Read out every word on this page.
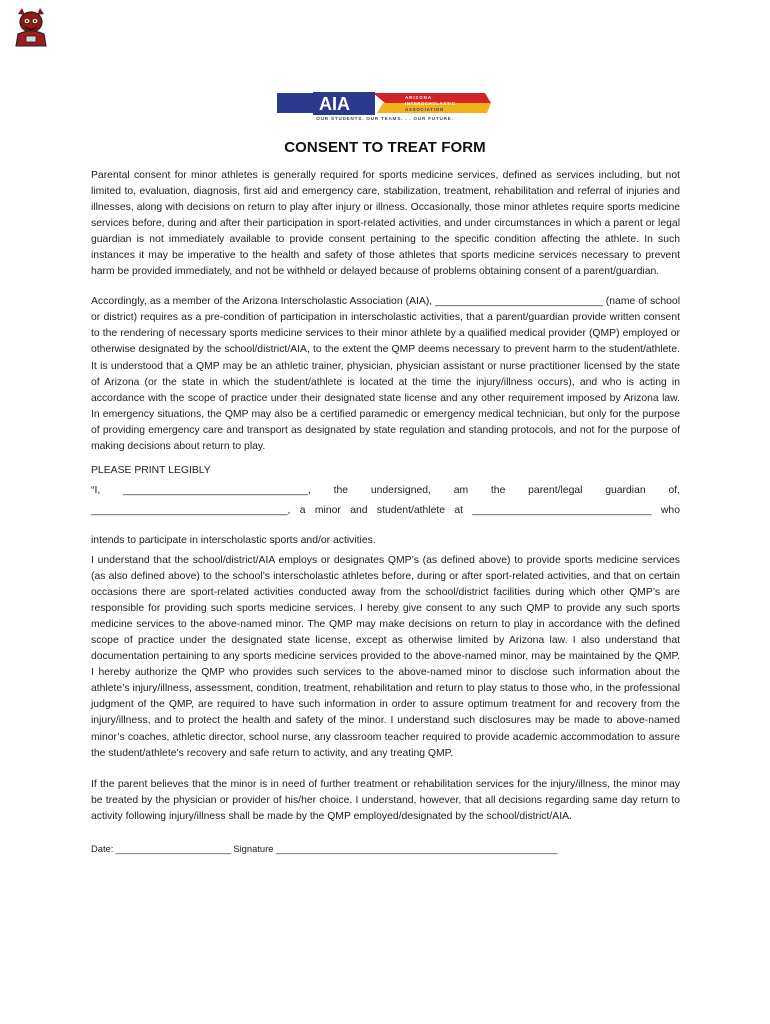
AIA	ARIZONA
INTERSCHOLASTIC
ASSOCIATION
OUR STUDENTS. OUR TEAMS. . . OUR FUTURE.
CONSENT TO TREAT FORM

Parental consent for minor athletes is generally required for sports medicine services, defined as services including, but not limited to, evaluation, diagnosis, first aid and emergency care, stabilization, treatment, rehabilitation and referral of injuries and illnesses, along with decisions on return to play after injury or illness. Occasionally, those minor athletes require sports medicine services before, during and after their participation in sport-related activities, and under circumstances in which a parent or legal guardian is not immediately available to provide consent pertaining to the specific condition affecting the athlete. In such instances it may be imperative to the health and safety of those athletes that sports medicine services necessary to prevent harm be provided immediately, and not be withheld or delayed because of problems obtaining consent of a parent/guardian.

Accordingly, as a member of the Arizona Interscholastic Association (AIA), _____________________________ (name of school or district) requires as a pre-condition of participation in interscholastic activities, that a parent/guardian provide written consent to the rendering of necessary sports medicine services to their minor athlete by a qualified medical provider (QMP) employed or otherwise designated by the school/district/AIA, to the extent the QMP deems necessary to prevent harm to the student/athlete. It is understood that a QMP may be an athletic trainer, physician, physician assistant or nurse practitioner licensed by the state of Arizona (or the state in which the student/athlete is located at the time the injury/illness occurs), and who is acting in accordance with the scope of practice under their designated state license and any other requirement imposed by Arizona law. In emergency situations, the QMP may also be a certified paramedic or emergency medical technician, but only for the purpose of providing emergency care and transport as designated by state regulation and standing protocols, and not for the purpose of making decisions about return to play.

PLEASE PRINT LEGIBLY

“I, ________________________________, the undersigned, am the parent/legal guardian of,

__________________________________, a minor and student/athlete at _______________________________ who

intends to participate in interscholastic sports and/or activities.

I understand that the school/district/AIA employs or designates QMP’s (as defined above) to provide sports medicine services (as also defined above) to the school’s interscholastic athletes before, during or after sport-related activities, and that on certain occasions there are sport-related activities conducted away from the school/district facilities during which other QMP’s are responsible for providing such sports medicine services. I hereby give consent to any such QMP to provide any such sports medicine services to the above-named minor. The QMP may make decisions on return to play in accordance with the defined scope of practice under the designated state license, except as otherwise limited by Arizona law. I also understand that documentation pertaining to any sports medicine services provided to the above-named minor, may be maintained by the QMP. I hereby authorize the QMP who provides such services to the above-named minor to disclose such information about the athlete’s injury/illness, assessment, condition, treatment, rehabilitation and return to play status to those who, in the professional judgment of the QMP, are required to have such information in order to assure optimum treatment for and recovery from the injury/illness, and to protect the health and safety of the minor. I understand such disclosures may be made to above-named minor’s coaches, athletic director, school nurse, any classroom teacher required to provide academic accommodation to assure the student/athlete’s recovery and safe return to activity, and any treating QMP.

If the parent believes that the minor is in need of further treatment or rehabilitation services for the injury/illness, the minor may be treated by the physician or provider of his/her choice. I understand, however, that all decisions regarding same day return to activity following injury/illness shall be made by the QMP employed/designated by the school/district/AIA.

Date: ______________________ Signature ______________________________________________________
